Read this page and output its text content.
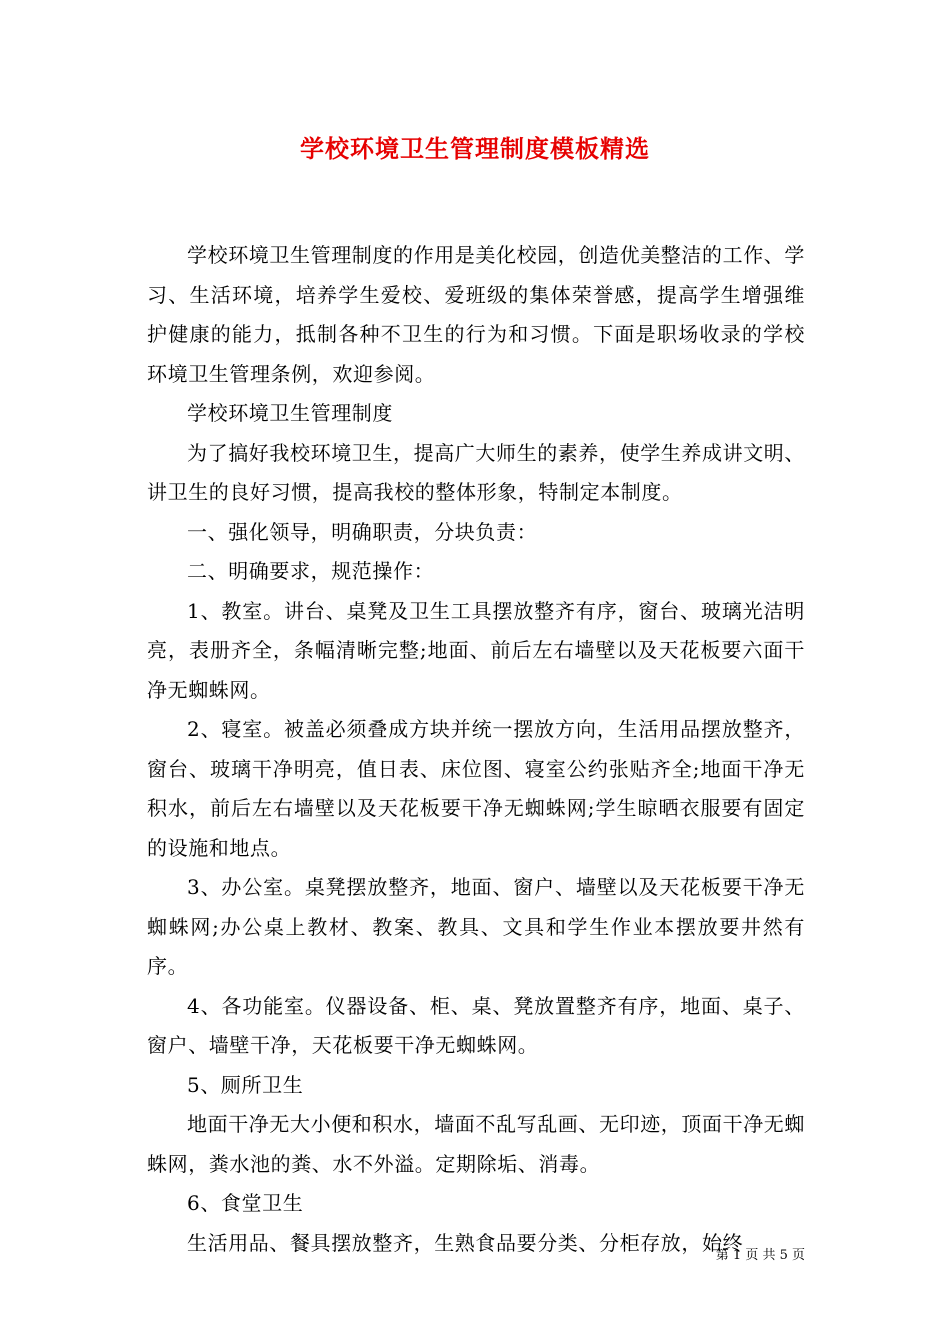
学校环境卫生管理制度模板精选

学校环境卫生管理制度的作用是美化校园，创造优美整洁的工作、学习、生活环境，培养学生爱校、爱班级的集体荣誉感，提高学生增强维护健康的能力，抵制各种不卫生的行为和习惯。下面是职场收录的学校环境卫生管理条例，欢迎参阅。

学校环境卫生管理制度

为了搞好我校环境卫生，提高广大师生的素养，使学生养成讲文明、讲卫生的良好习惯，提高我校的整体形象，特制定本制度。

一、强化领导，明确职责，分块负责：

二、明确要求，规范操作：

1、教室。讲台、桌凳及卫生工具摆放整齐有序，窗台、玻璃光洁明亮，表册齐全，条幅清晰完整;地面、前后左右墙壁以及天花板要六面干净无蜘蛛网。

2、寝室。被盖必须叠成方块并统一摆放方向，生活用品摆放整齐，窗台、玻璃干净明亮，值日表、床位图、寝室公约张贴齐全;地面干净无积水，前后左右墙壁以及天花板要干净无蜘蛛网;学生晾晒衣服要有固定的设施和地点。

3、办公室。桌凳摆放整齐，地面、窗户、墙壁以及天花板要干净无蜘蛛网;办公桌上教材、教案、教具、文具和学生作业本摆放要井然有序。

4、各功能室。仪器设备、柜、桌、凳放置整齐有序，地面、桌子、窗户、墙壁干净，天花板要干净无蜘蛛网。

5、厕所卫生

地面干净无大小便和积水，墙面不乱写乱画、无印迹，顶面干净无蜘蛛网，粪水池的粪、水不外溢。定期除垢、消毒。

6、食堂卫生

生活用品、餐具摆放整齐，生熟食品要分类、分柜存放，始终

第 1 页 共 5 页
